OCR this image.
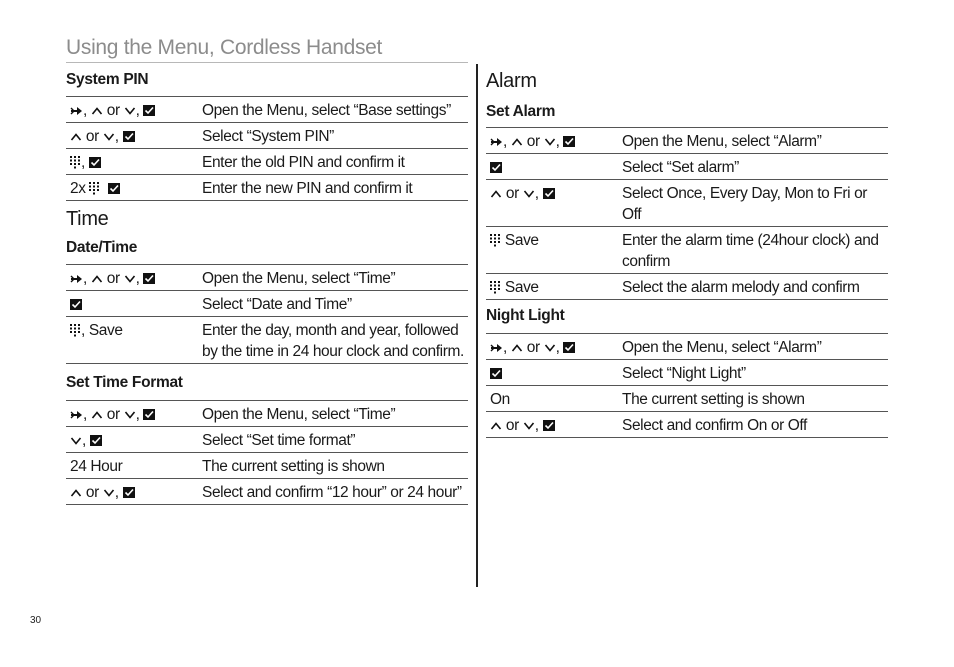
Using the Menu, Cordless Handset
System PIN
,  or ,	Open the Menu, select “Base settings”
or ,	Select “System PIN”
,	Enter the old PIN and confirm it
2x	Enter the new PIN and confirm it
Time
Date/Time
,  or ,	Open the Menu, select “Time”
	Select “Date and Time”
, Save	Enter the day, month and year, followed by the time in 24 hour clock and confirm.
Set Time Format
,  or ,	Open the Menu, select “Time”
,	Select “Set time format”
24 Hour	The current setting is shown
or ,	Select and confirm “12 hour” or 24 hour”
Alarm
Set Alarm
,  or ,	Open the Menu, select “Alarm”
	Select “Set alarm”
or ,	Select Once, Every Day, Mon to Fri or Off
Save	Enter the alarm time (24hour clock) and confirm
Save	Select the alarm melody and confirm
Night Light
,  or ,	Open the Menu, select “Alarm”
	Select “Night Light”
On	The current setting is shown
or ,	Select and confirm On or Off
30
